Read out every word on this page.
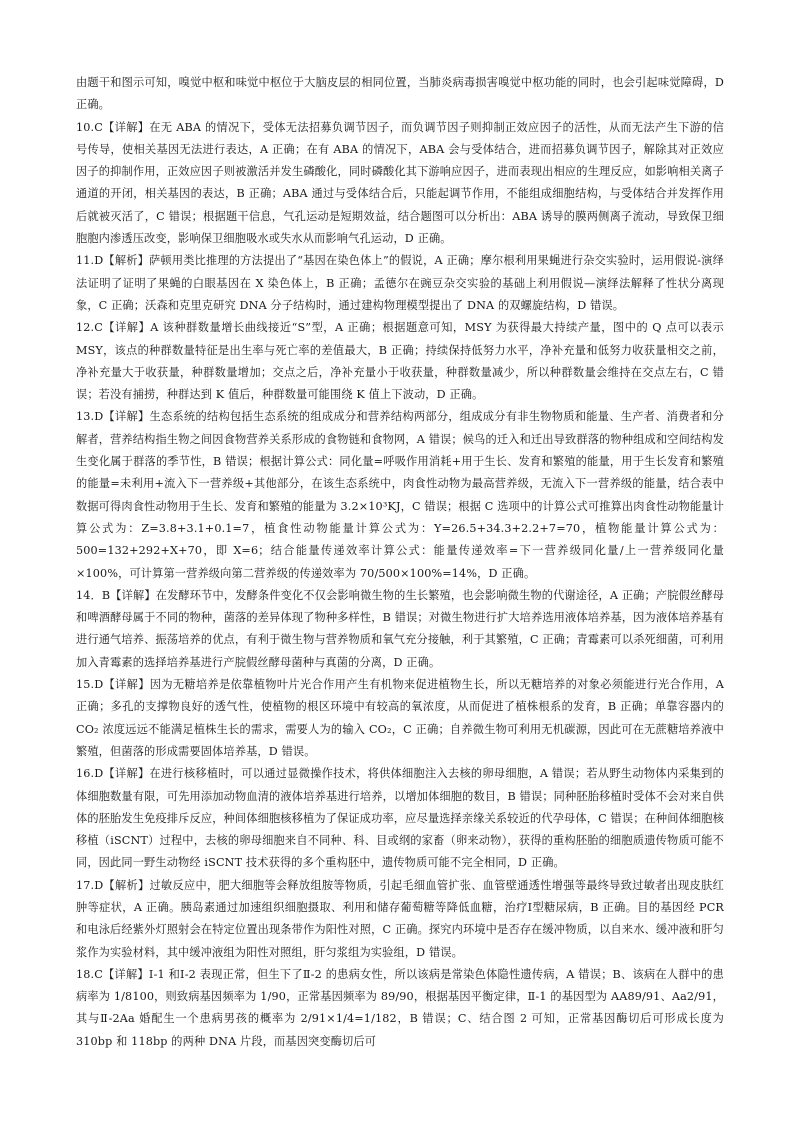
由题干和图示可知，嗅觉中枢和味觉中枢位于大脑皮层的相同位置，当肺炎病毒损害嗅觉中枢功能的同时，也会引起味觉障碍，D 正确。

10.C【详解】在无 ABA 的情况下，受体无法招募负调节因子，而负调节因子则抑制正效应因子的活性，从而无法产生下游的信号传导，使相关基因无法进行表达，A 正确；在有 ABA 的情况下，ABA 会与受体结合，进而招募负调节因子，解除其对正效应因子的抑制作用，正效应因子则被激活并发生磷酸化，同时磷酸化其下游响应因子，进而表现出相应的生理反应，如影响相关离子通道的开闭，相关基因的表达，B 正确；ABA 通过与受体结合后，只能起调节作用，不能组成细胞结构，与受体结合并发挥作用后就被灭活了，C 错误；根据题干信息，气孔运动是短期效益，结合题图可以分析出：ABA 诱导的膜两侧离子流动，导致保卫细胞胞内渗透压改变，影响保卫细胞吸水或失水从而影响气孔运动，D 正确。

11.D【解析】萨顿用类比推理的方法提出了“基因在染色体上”的假说，A 正确；摩尔根利用果蝇进行杂交实验时，运用假说-演绎法证明了证明了果蝇的白眼基因在 X 染色体上，B 正确；孟德尔在豌豆杂交实验的基础上利用假说—演绎法解释了性状分离现象，C 正确；沃森和克里克研究 DNA 分子结构时，通过建构物理模型提出了 DNA 的双螺旋结构，D 错误。

12.C【详解】A 该种群数量增长曲线接近“S”型，A 正确；根据题意可知，MSY 为获得最大持续产量，图中的 Q 点可以表示 MSY，该点的种群数量特征是出生率与死亡率的差值最大，B 正确；持续保持低努力水平，净补充量和低努力收获量相交之前，净补充量大于收获量，种群数量增加；交点之后，净补充量小于收获量，种群数量减少，所以种群数量会维持在交点左右，C 错误；若没有捕捞，种群达到 K 值后，种群数量可能围绕 K 值上下波动，D 正确。

13.D【详解】生态系统的结构包括生态系统的组成成分和营养结构两部分，组成成分有非生物物质和能量、生产者、消费者和分解者，营养结构指生物之间因食物营养关系形成的食物链和食物网，A 错误；候鸟的迁入和迁出导致群落的物种组成和空间结构发生变化属于群落的季节性，B 错误；根据计算公式：同化量=呼吸作用消耗+用于生长、发育和繁殖的能量，用于生长发育和繁殖的能量=未利用+流入下一营养级+其他部分，在该生态系统中，肉食性动物为最高营养级，无流入下一营养级的能量，结合表中数据可得肉食性动物用于生长、发育和繁殖的能量为 3.2×10³KJ，C 错误；根据 C 选项中的计算公式可推算出肉食性动物能量计算公式为：Z=3.8+3.1+0.1=7，植食性动物能量计算公式为：Y=26.5+34.3+2.2+7=70，植物能量计算公式为：500=132+292+X+70，即 X=6；结合能量传递效率计算公式：能量传递效率=下一营养级同化量/上一营养级同化量×100%，可计算第一营养级向第二营养级的传递效率为 70/500×100%=14%，D 正确。

14．B【详解】在发酵环节中，发酵条件变化不仅会影响微生物的生长繁殖，也会影响微生物的代谢途径，A 正确；产脘假丝酵母和啤酒酵母属于不同的物种，菌落的差异体现了物种多样性，B 错误；对微生物进行扩大培养选用液体培养基，因为液体培养基有进行通气培养、振荡培养的优点，有利于微生物与营养物质和氧气充分接触，利于其繁殖，C 正确；青霉素可以杀死细菌，可利用加入青霉素的选择培养基进行产脘假丝酵母菌种与真菌的分离，D 正确。

15.D【详解】因为无糖培养是依靠植物叶片光合作用产生有机物来促进植物生长，所以无糖培养的对象必须能进行光合作用，A 正确；多孔的支撑物良好的透气性，使植物的根区环境中有较高的氧浓度，从而促进了植株根系的发育，B 正确；单靠容器内的 CO₂ 浓度远远不能满足植株生长的需求，需要人为的输入 CO₂，C 正确；自养微生物可利用无机碳源，因此可在无蔗糖培养液中繁殖，但菌落的形成需要固体培养基，D 错误。

16.D【详解】在进行核移植时，可以通过显微操作技术，将供体细胞注入去核的卵母细胞，A 错误；若从野生动物体内采集到的体细胞数量有限，可先用添加动物血清的液体培养基进行培养，以增加体细胞的数目，B 错误；同种胚胎移植时受体不会对来自供体的胚胎发生免疫排斥反应，种间体细胞核移植为了保证成功率，应尽量选择亲缘关系较近的代孕母体，C 错误；在种间体细胞核移植（iSCNT）过程中，去核的卵母细胞来自不同种、科、目或纲的家畜（卵来动物），获得的重构胚胎的细胞质遗传物质可能不同，因此同一野生动物经 iSCNT 技术获得的多个重构胚中，遗传物质可能不完全相同，D 正确。

17.D【解析】过敏反应中，肥大细胞等会释放组胺等物质，引起毛细血管扩张、血管壁通透性增强等最终导致过敏者出现皮肤红肿等症状，A 正确。胰岛素通过加速组织细胞摄取、利用和储存葡萄糖等降低血糖，治疗Ⅰ型糖尿病，B 正确。目的基因经 PCR 和电泳后经紫外灯照射会在特定位置出现条带作为阳性对照，C 正确。探究内环境中是否存在缓冲物质，以自来水、缓冲液和肝匀浆作为实验材料，其中缓冲液组为阳性对照组，肝匀浆组为实验组，D 错误。

18.C【详解】Ⅰ-1 和Ⅰ-2 表现正常，但生下了Ⅱ-2 的患病女性，所以该病是常染色体隐性遗传病，A 错误；B、该病在人群中的患病率为 1/8100，则致病基因频率为 1/90，正常基因频率为 89/90，根据基因平衡定律，Ⅱ-1 的基因型为 AA89/91、Aa2/91，其与Ⅱ-2Aa 婚配生一个患病男孩的概率为 2/91×1/4=1/182，B 错误；C、结合图 2 可知，正常基因酶切后可形成长度为 310bp 和 118bp 的两种 DNA 片段，而基因突变酶切后可
